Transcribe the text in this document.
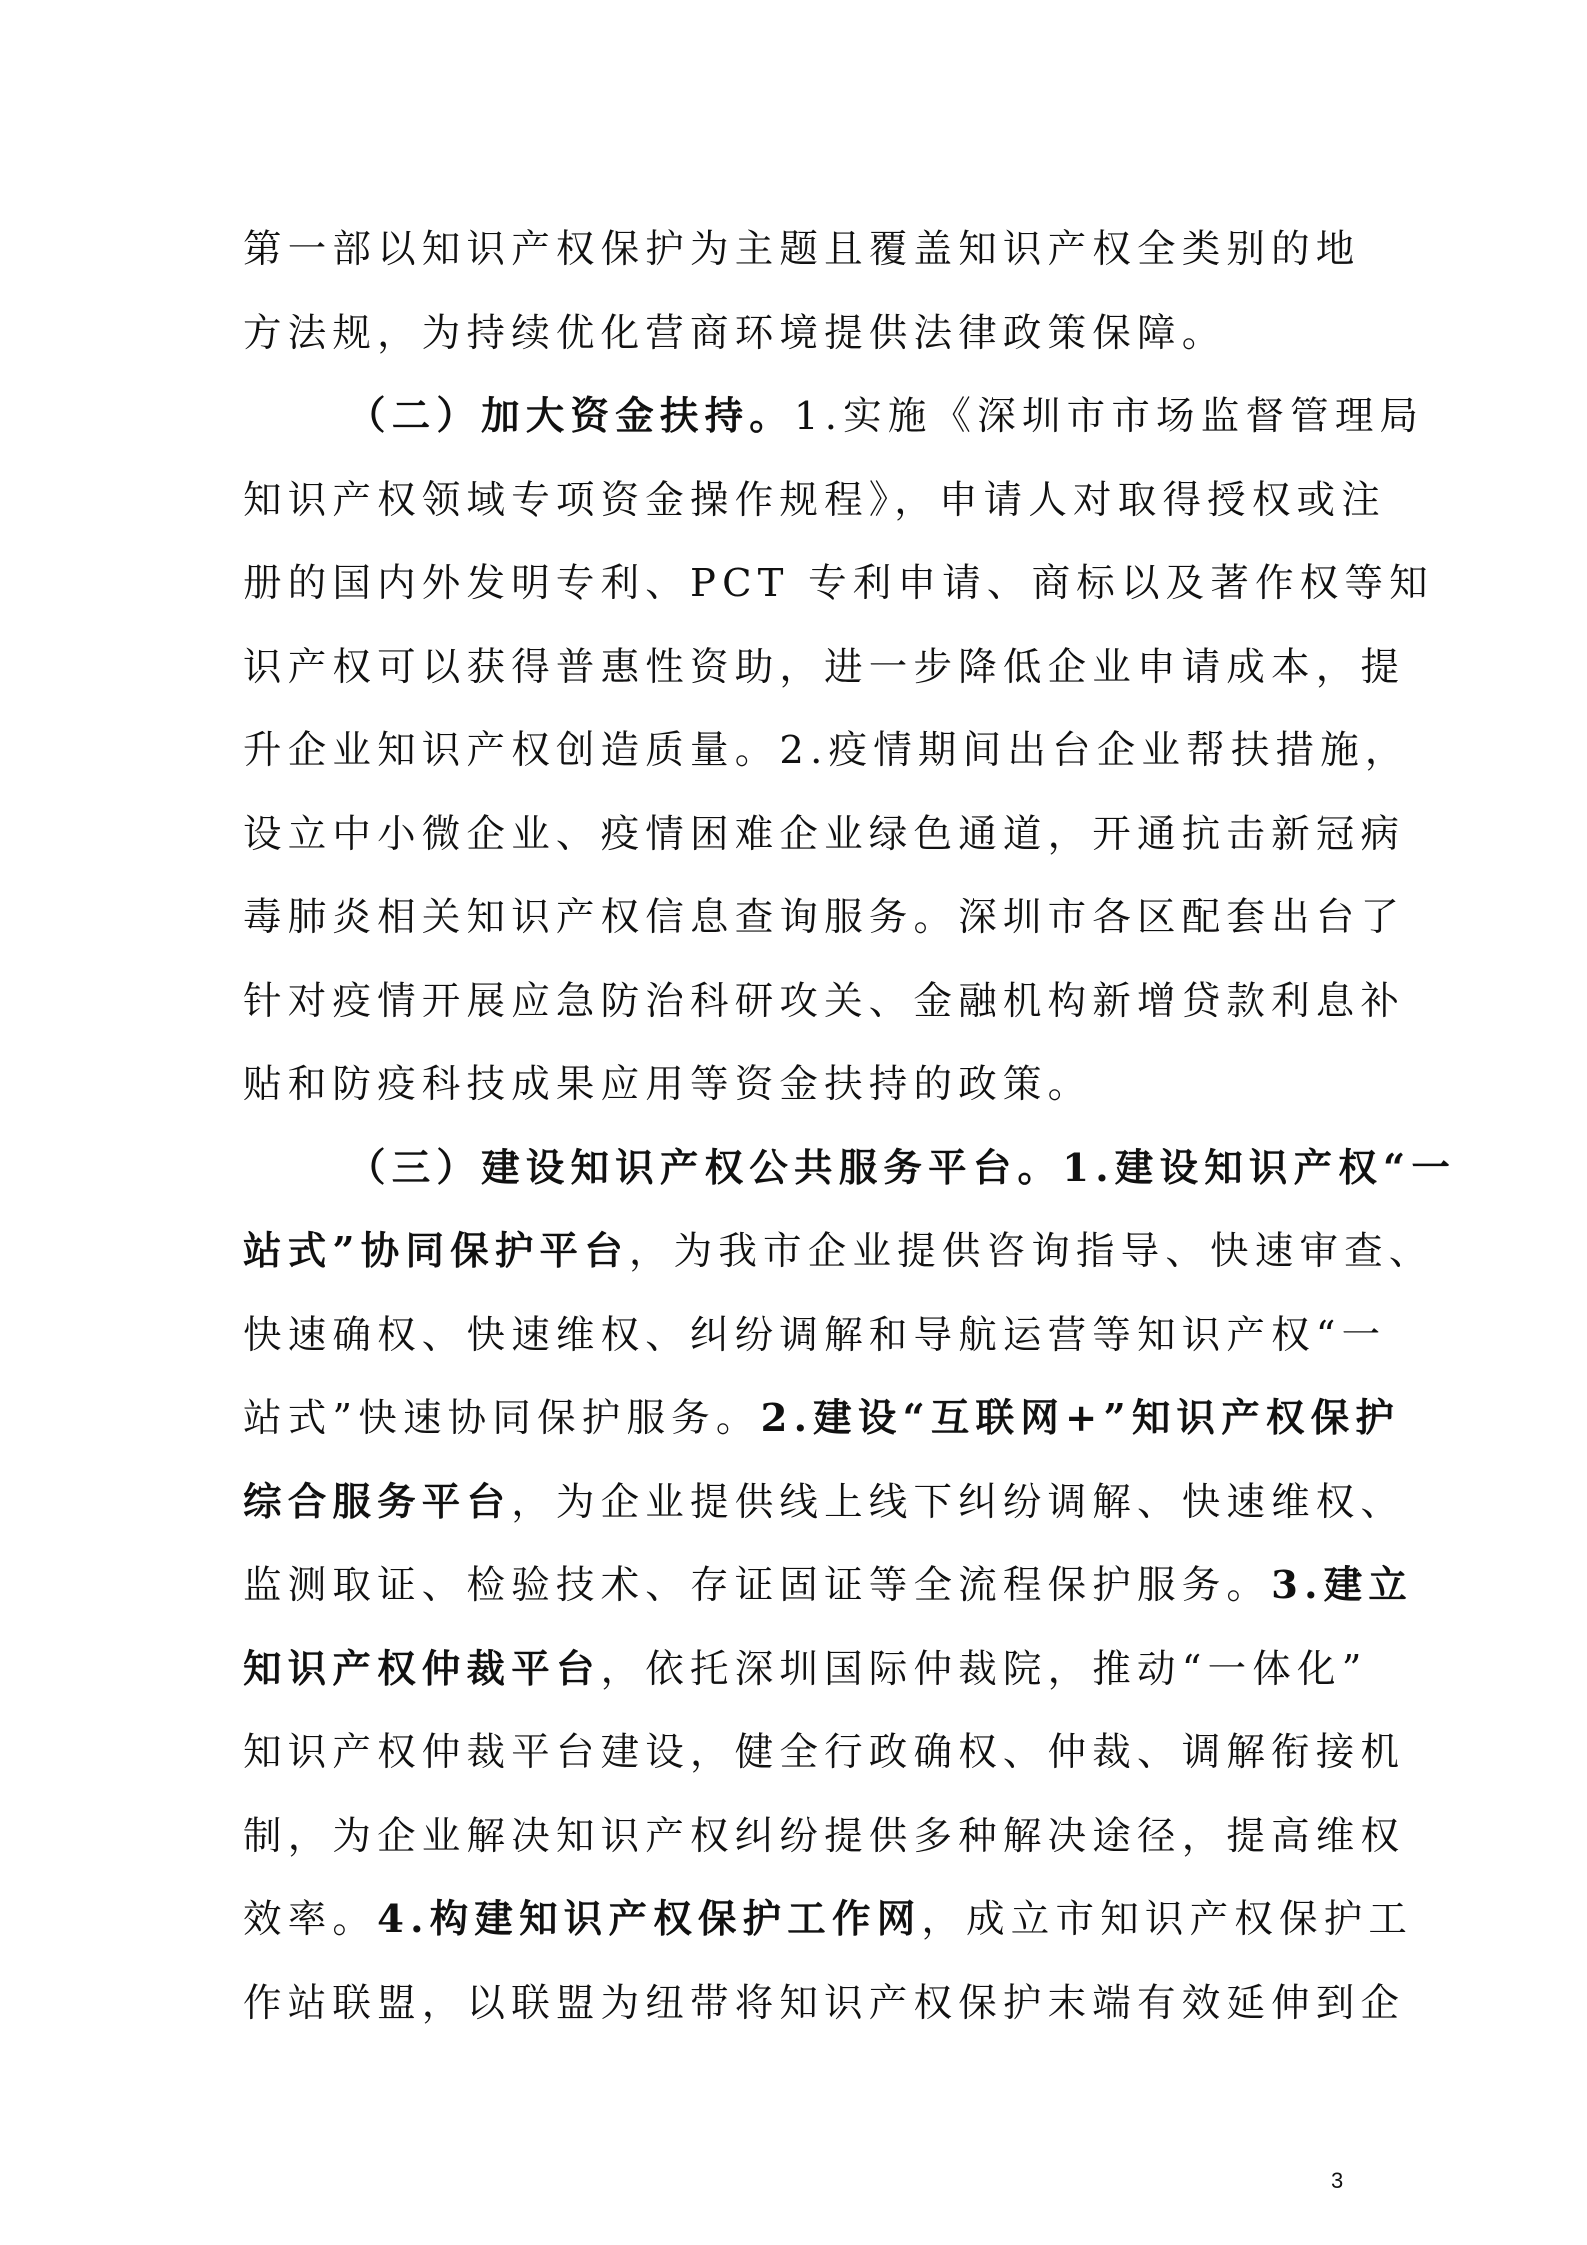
第一部以知识产权保护为主题且覆盖知识产权全类别的地
方法规，为持续优化营商环境提供法律政策保障。
（二）加大资金扶持。1.实施《深圳市市场监督管理局
知识产权领域专项资金操作规程》，申请人对取得授权或注
册的国内外发明专利、PCT 专利申请、商标以及著作权等知
识产权可以获得普惠性资助，进一步降低企业申请成本，提
升企业知识产权创造质量。2.疫情期间出台企业帮扶措施，
设立中小微企业、疫情困难企业绿色通道，开通抗击新冠病
毒肺炎相关知识产权信息查询服务。深圳市各区配套出台了
针对疫情开展应急防治科研攻关、金融机构新增贷款利息补
贴和防疫科技成果应用等资金扶持的政策。
（三）建设知识产权公共服务平台。1.建设知识产权“一
站式”协同保护平台，为我市企业提供咨询指导、快速审查、
快速确权、快速维权、纠纷调解和导航运营等知识产权“一
站式”快速协同保护服务。2.建设“互联网+”知识产权保护
综合服务平台，为企业提供线上线下纠纷调解、快速维权、
监测取证、检验技术、存证固证等全流程保护服务。3.建立
知识产权仲裁平台，依托深圳国际仲裁院，推动“一体化”
知识产权仲裁平台建设，健全行政确权、仲裁、调解衔接机
制，为企业解决知识产权纠纷提供多种解决途径，提高维权
效率。4.构建知识产权保护工作网，成立市知识产权保护工
作站联盟，以联盟为纽带将知识产权保护末端有效延伸到企
3
